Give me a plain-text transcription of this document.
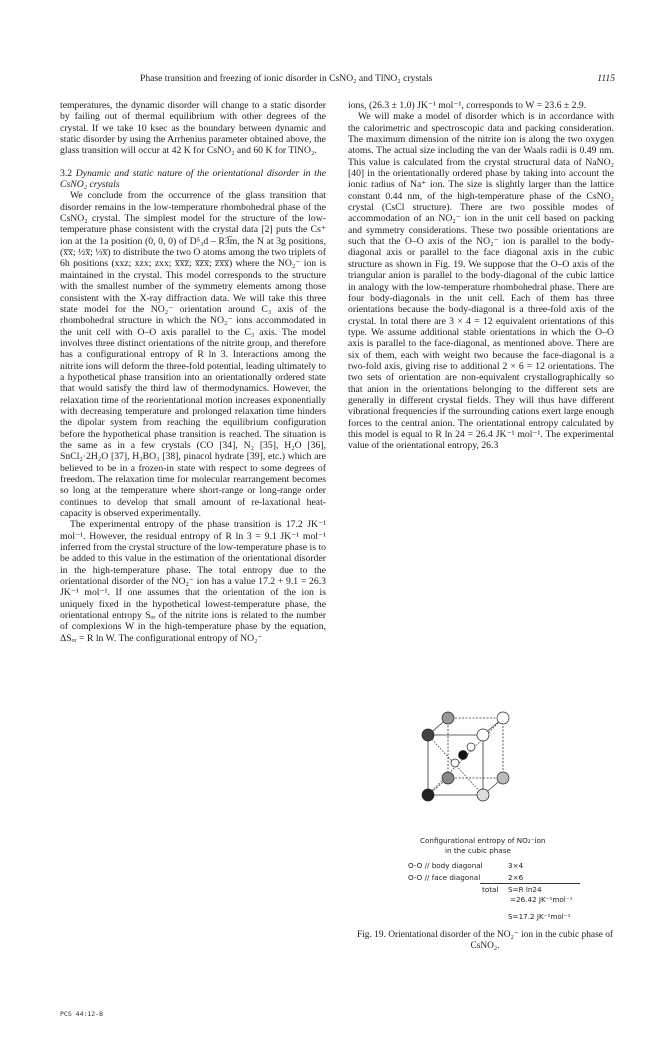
Phase transition and freezing of ionic disorder in CsNO₂ and TlNO₂ crystals	1115

temperatures, the dynamic disorder will change to a static disorder by failing out of thermal equilibrium with other degrees of the crystal. If we take 10 ksec as the boundary between dynamic and static disorder by using the Arrhenius parameter obtained above, the glass transition will occur at 42 K for CsNO₂ and 60 K for TlNO₂.

3.2 Dynamic and static nature of the orientational disorder in the CsNO₂ crystals

We conclude from the occurrence of the glass transition that disorder remains in the low-temperature rhombohedral phase of the CsNO₂ crystal. The simplest model for the structure of the low-temperature phase consistent with the crystal data [2] puts the Cs⁺ ion at the 1a position (0, 0, 0) of D⁵₃d – R3̅m, the N at 3g positions, (x̅x̅; ½x̅; ⅓x̅) to distribute the two O atoms among the two triplets of 6h positions (xxz; xzx; zxx; x̅x̅z̅; x̅z̅x̅; z̅x̅x̅) where the NO₂⁻ ion is maintained in the crystal. This model corresponds to the structure with the smallest number of the symmetry elements among those consistent with the X-ray diffraction data. We will take this three state model for the NO₂⁻ orientation around C₃ axis of the rhombohedral structure in which the NO₂⁻ ions accommodated in the unit cell with O–O axis parallel to the C₃ axis. The model involves three distinct orientations of the nitrite group, and therefore has a configurational entropy of R ln 3. Interactions among the nitrite ions will deform the three-fold potential, leading ultimately to a hypothetical phase transition into an orientationally ordered state that would satisfy the third law of thermodynamics. However, the relaxation time of the reorientational motion increases exponentially with decreasing temperature and prolonged relaxation time hinders the dipolar system from reaching the equilibrium configuration before the hypothetical phase transition is reached. The situation is the same as in a few crystals (CO [34], N₂ [35], H₂O [36], SnCl₂·2H₂O [37], H₃BO₃ [38], pinacol hydrate [39], etc.) which are believed to be in a frozen-in state with respect to some degrees of freedom. The relaxation time for molecular rearrangement becomes so long at the temperature where short-range or long-range order continues to develop that small amount of re-laxational heat-capacity is observed experimentally.

The experimental entropy of the phase transition is 17.2 JK⁻¹ mol⁻¹. However, the residual entropy of R ln 3 = 9.1 JK⁻¹ mol⁻¹ inferred from the crystal structure of the low-temperature phase is to be added to this value in the estimation of the orientational disorder in the high-temperature phase. The total entropy due to the orientational disorder of the NO₂⁻ ion has a value 17.2 + 9.1 = 26.3 JK⁻¹ mol⁻¹. If one assumes that the orientation of the ion is uniquely fixed in the hypothetical lowest-temperature phase, the orientational entropy Sₒᵣ of the nitrite ions is related to the number of complexions W in the high-temperature phase by the equation, ΔSₒᵣ = R ln W. The configurational entropy of NO₂⁻

ions, (26.3 ± 1.0) JK⁻¹ mol⁻¹, corresponds to W = 23.6 ± 2.9.

We will make a model of disorder which is in accordance with the calorimetric and spectroscopic data and packing consideration. The maximum dimension of the nitrite ion is along the two oxygen atoms. The actual size including the van der Waals radii is 0.49 nm. This value is calculated from the crystal structural data of NaNO₂ [40] in the orientationally ordered phase by taking into account the ionic radius of Na⁺ ion. The size is slightly larger than the lattice constant 0.44 nm, of the high-temperature phase of the CsNO₂ crystal (CsCl structure). There are two possible modes of accommodation of an NO₂⁻ ion in the unit cell based on packing and symmetry considerations. These two possible orientations are such that the O–O axis of the NO₂⁻ ion is parallel to the body-diagonal axis or parallel to the face diagonal axis in the cubic structure as shown in Fig. 19. We suppose that the O–O axis of the triangular anion is parallel to the body-diagonal of the cubic lattice in analogy with the low-temperature rhombohedral phase. There are four body-diagonals in the unit cell. Each of them has three orientations because the body-diagonal is a three-fold axis of the crystal. In total there are 3 × 4 = 12 equivalent orientations of this type. We assume additional stable orientations in which the O–O axis is parallel to the face-diagonal, as mentioned above. There are six of them, each with weight two because the face-diagonal is a two-fold axis, giving rise to additional 2 × 6 = 12 orientations. The two sets of orientation are non-equivalent crystallographically so that anion in the orientations belonging to the different sets are generally in different crystal fields. They will thus have different vibrational frequencies if the surrounding cations exert large enough forces to the central anion. The orientational entropy calculated by this model is equal to R ln 24 = 26.4 JK⁻¹ mol⁻¹. The experimental value of the orientational entropy, 26.3

Configurational entropy of NO₂⁻ion
in the cubic phase
O-O // body diagonal	3×4
O-O // face diagonal	2×6
total S=R ln24
=26.42 JK⁻¹mol⁻¹
S=17.2 JK⁻¹mol⁻¹
Fig. 19. Orientational disorder of the NO₂⁻ ion in the cubic phase of CsNO₂.
PCS 44:12-B
